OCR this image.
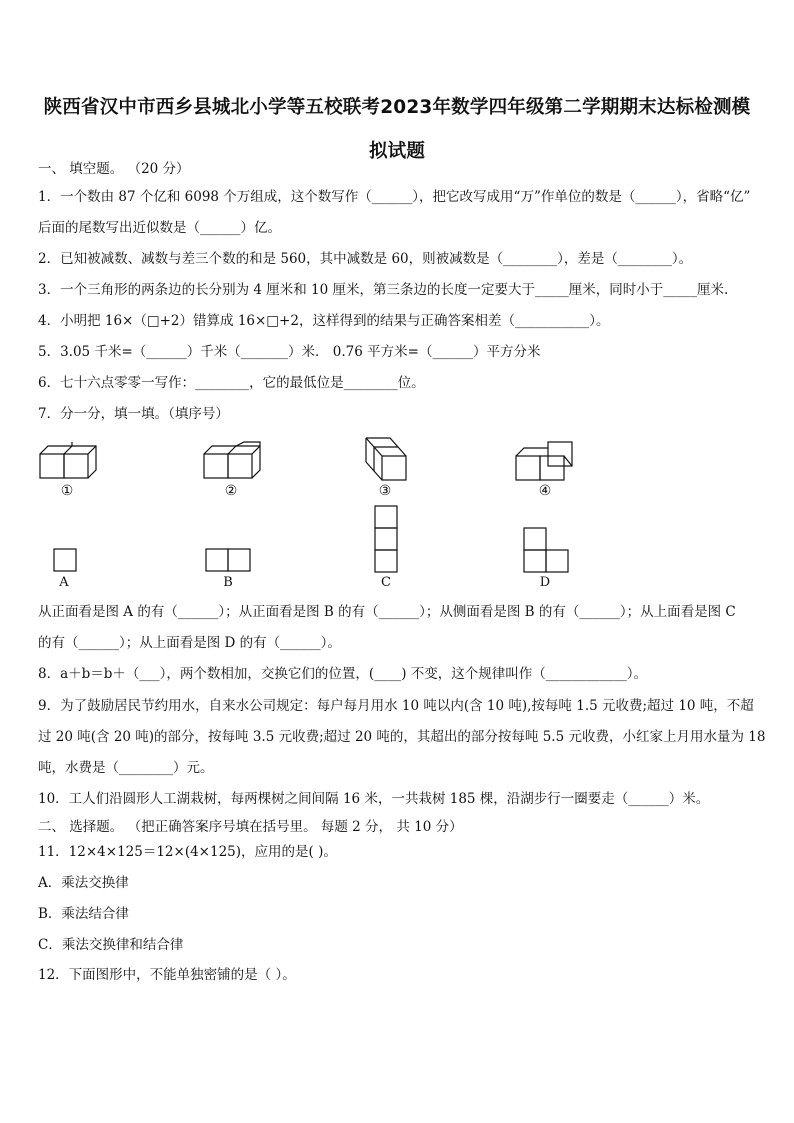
陕西省汉中市西乡县城北小学等五校联考2023年数学四年级第二学期期末达标检测模
拟试题
一、 填空题。 （20 分）
1．一个数由 87 个亿和 6098 个万组成，这个数写作（______），把它改写成用“万”作单位的数是（______），省略“亿”
后面的尾数写出近似数是（______）亿。
2．已知被减数、减数与差三个数的和是 560，其中减数是 60，则被减数是（________），差是（________）。
3．一个三角形的两条边的长分别为 4 厘米和 10 厘米，第三条边的长度一定要大于_____厘米，同时小于_____厘米.
4．小明把 16×（□+2）错算成 16×□+2，这样得到的结果与正确答案相差（___________）。
5．3.05 千米=（______）千米（_______）米． 0.76 平方米=（______）平方分米
6．七十六点零零一写作：________，它的最低位是________位。
7．分一分，填一填。（填序号）
①	②	③	④
A	B	C	D
从正面看是图 A 的有（______）；从正面看是图 B 的有（______）；从侧面看是图 B 的有（______）；从上面看是图 C
的有（______）；从上面看是图 D 的有（______）。
8．a＋b＝b＋（___），两个数相加，交换它们的位置，(____) 不变，这个规律叫作（____________）。
9．为了鼓励居民节约用水，自来水公司规定：每户每月用水 10 吨以内(含 10 吨),按每吨 1.5 元收费;超过 10 吨，不超
过 20 吨(含 20 吨)的部分，按每吨 3.5 元收费;超过 20 吨的，其超出的部分按每吨 5.5 元收费，小红家上月用水量为 18
吨，水费是（________）元。
10．工人们沿圆形人工湖栽树，每两棵树之间间隔 16 米，一共栽树 185 棵，沿湖步行一圈要走（______）米。
二、 选择题。 （把正确答案序号填在括号里。 每题 2 分， 共 10 分）
11．12×4×125＝12×(4×125)，应用的是( )。
A．乘法交换律
B．乘法结合律
C．乘法交换律和结合律
12．下面图形中，不能单独密铺的是（ ）。
